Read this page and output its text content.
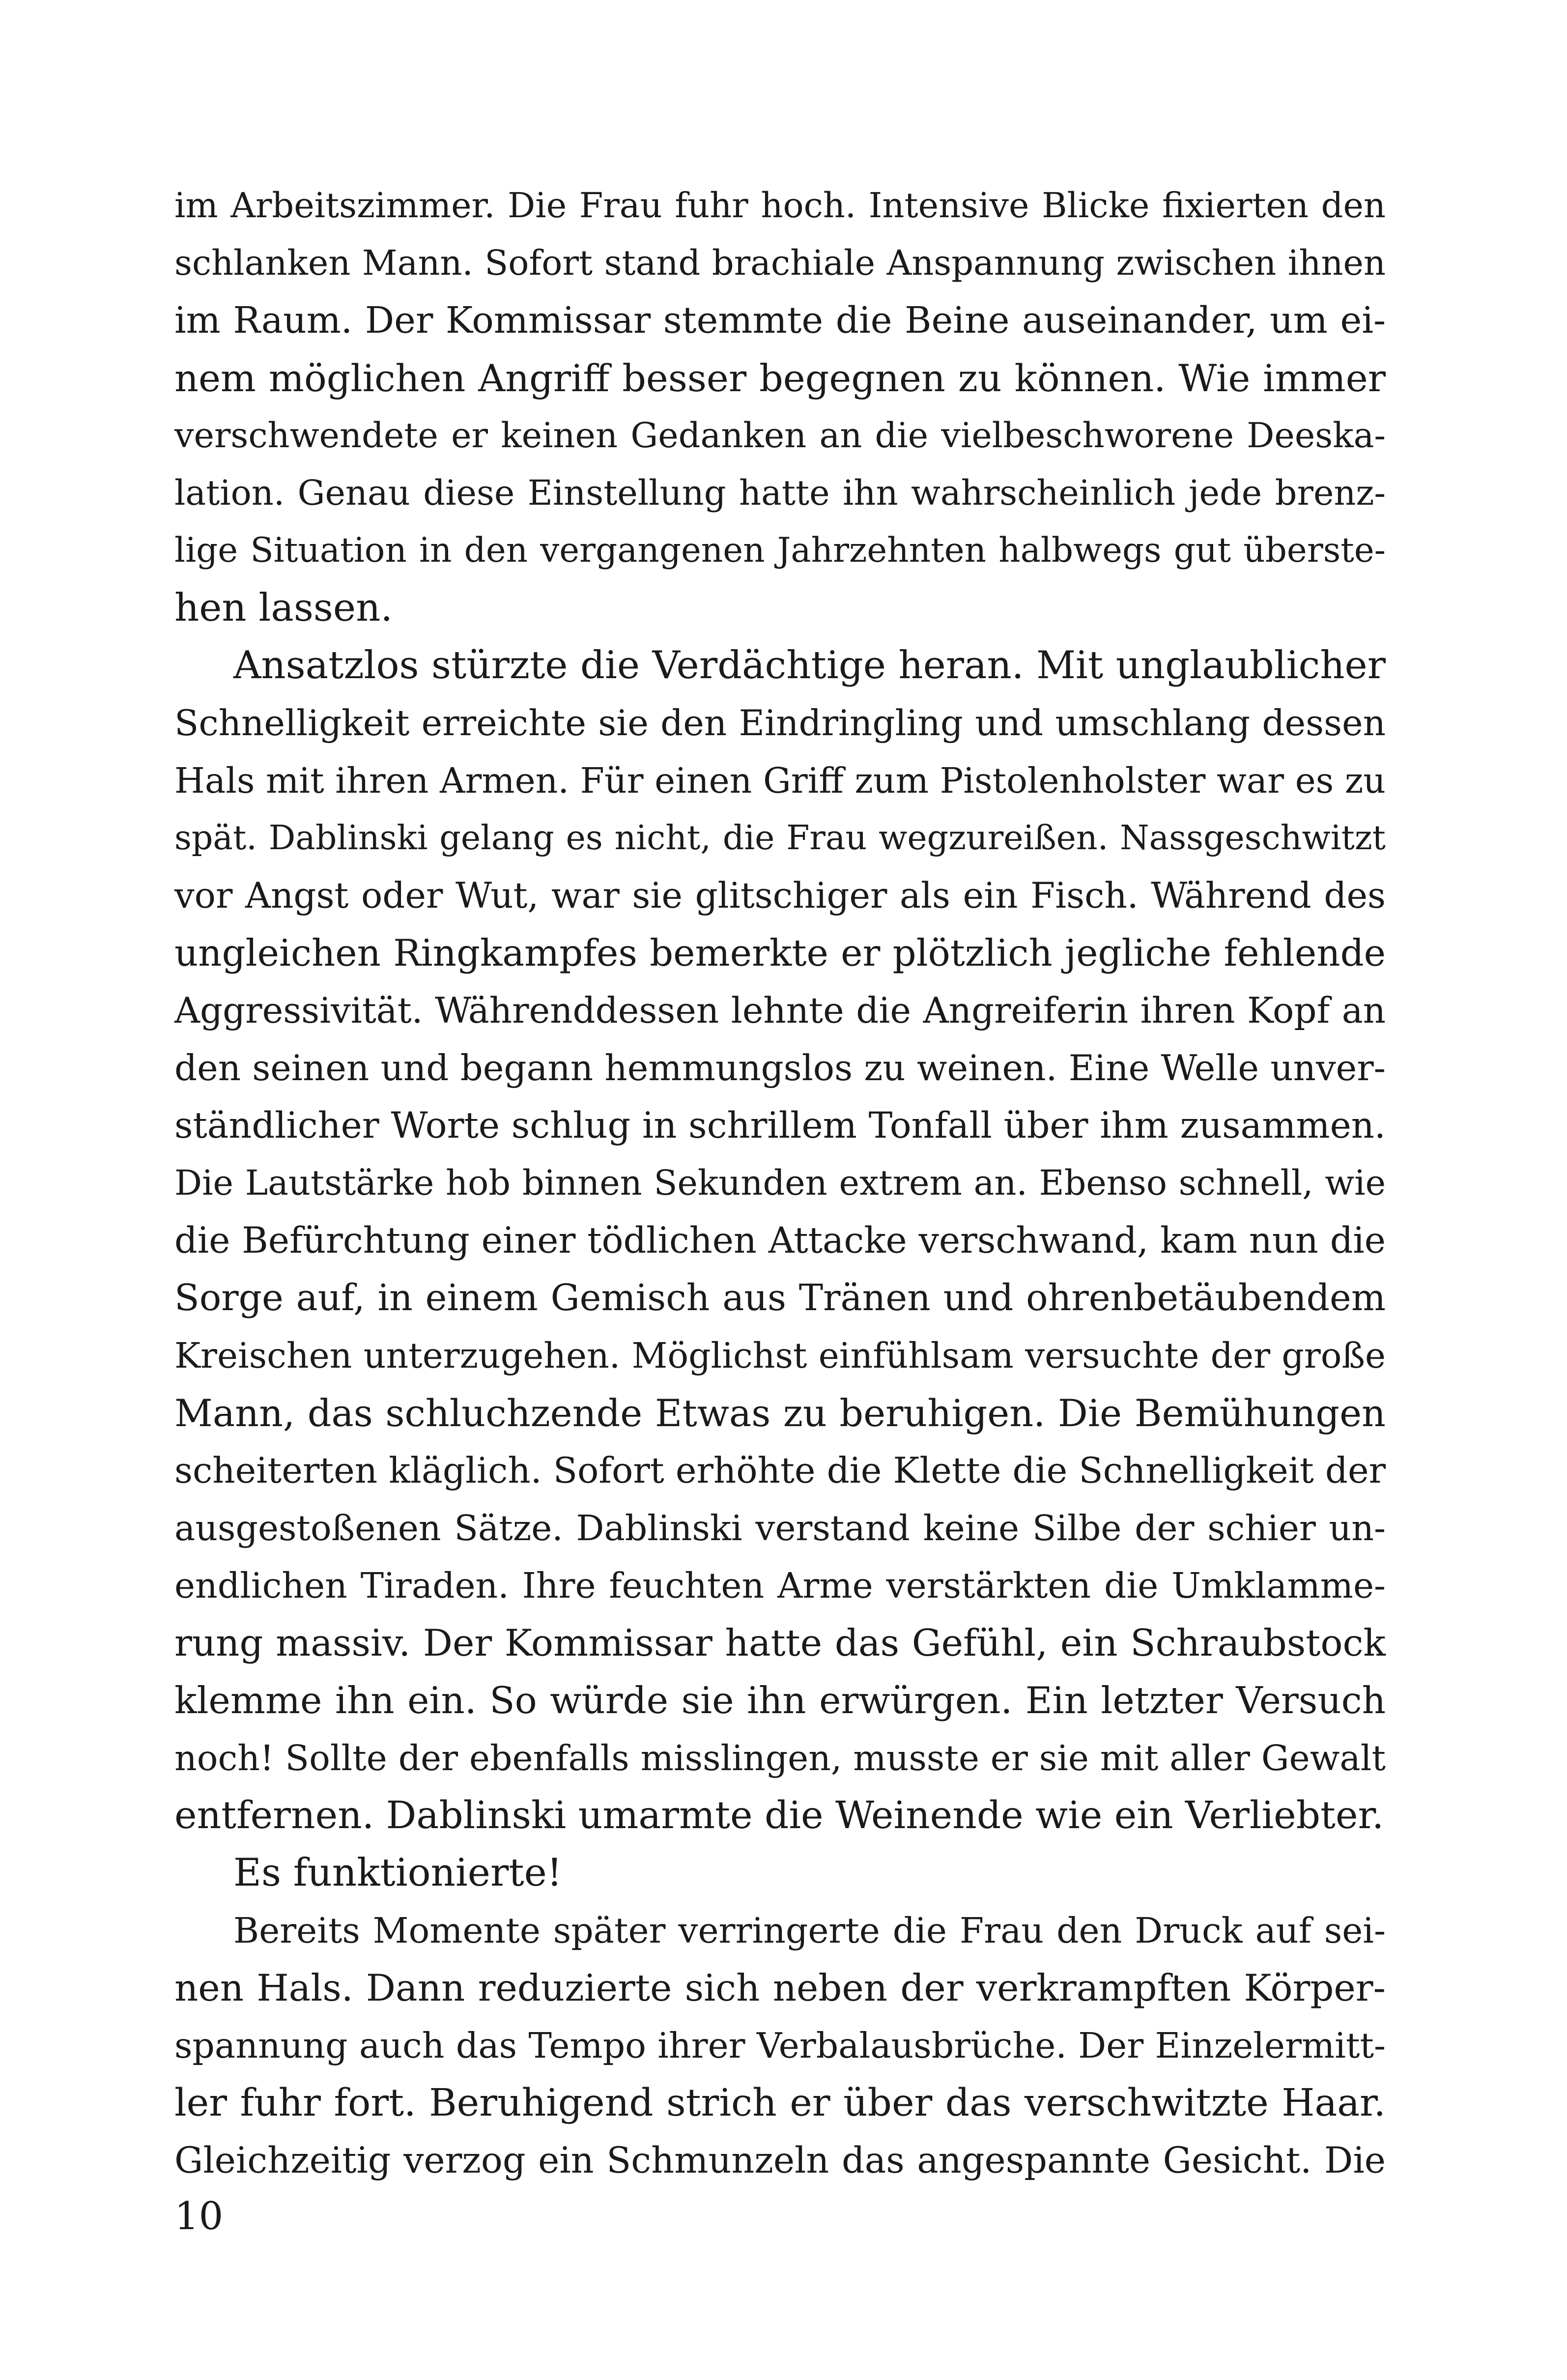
im Arbeitszimmer. Die Frau fuhr hoch. Intensive Blicke fixierten den
schlanken Mann. Sofort stand brachiale Anspannung zwischen ihnen
im Raum. Der Kommissar stemmte die Beine auseinander, um ei-
nem möglichen Angriff besser begegnen zu können. Wie immer
verschwendete er keinen Gedanken an die vielbeschworene Deeska-
lation. Genau diese Einstellung hatte ihn wahrscheinlich jede brenz-
lige Situation in den vergangenen Jahrzehnten halbwegs gut überste-
hen lassen.
Ansatzlos stürzte die Verdächtige heran. Mit unglaublicher
Schnelligkeit erreichte sie den Eindringling und umschlang dessen
Hals mit ihren Armen. Für einen Griff zum Pistolenholster war es zu
spät. Dablinski gelang es nicht, die Frau wegzureißen. Nassgeschwitzt
vor Angst oder Wut, war sie glitschiger als ein Fisch. Während des
ungleichen Ringkampfes bemerkte er plötzlich jegliche fehlende
Aggressivität. Währenddessen lehnte die Angreiferin ihren Kopf an
den seinen und begann hemmungslos zu weinen. Eine Welle unver-
ständlicher Worte schlug in schrillem Tonfall über ihm zusammen.
Die Lautstärke hob binnen Sekunden extrem an. Ebenso schnell, wie
die Befürchtung einer tödlichen Attacke verschwand, kam nun die
Sorge auf, in einem Gemisch aus Tränen und ohrenbetäubendem
Kreischen unterzugehen. Möglichst einfühlsam versuchte der große
Mann, das schluchzende Etwas zu beruhigen. Die Bemühungen
scheiterten kläglich. Sofort erhöhte die Klette die Schnelligkeit der
ausgestoßenen Sätze. Dablinski verstand keine Silbe der schier un-
endlichen Tiraden. Ihre feuchten Arme verstärkten die Umklamme-
rung massiv. Der Kommissar hatte das Gefühl, ein Schraubstock
klemme ihn ein. So würde sie ihn erwürgen. Ein letzter Versuch
noch! Sollte der ebenfalls misslingen, musste er sie mit aller Gewalt
entfernen. Dablinski umarmte die Weinende wie ein Verliebter.
Es funktionierte!
Bereits Momente später verringerte die Frau den Druck auf sei-
nen Hals. Dann reduzierte sich neben der verkrampften Körper-
spannung auch das Tempo ihrer Verbalausbrüche. Der Einzelermitt-
ler fuhr fort. Beruhigend strich er über das verschwitzte Haar.
Gleichzeitig verzog ein Schmunzeln das angespannte Gesicht. Die
10
